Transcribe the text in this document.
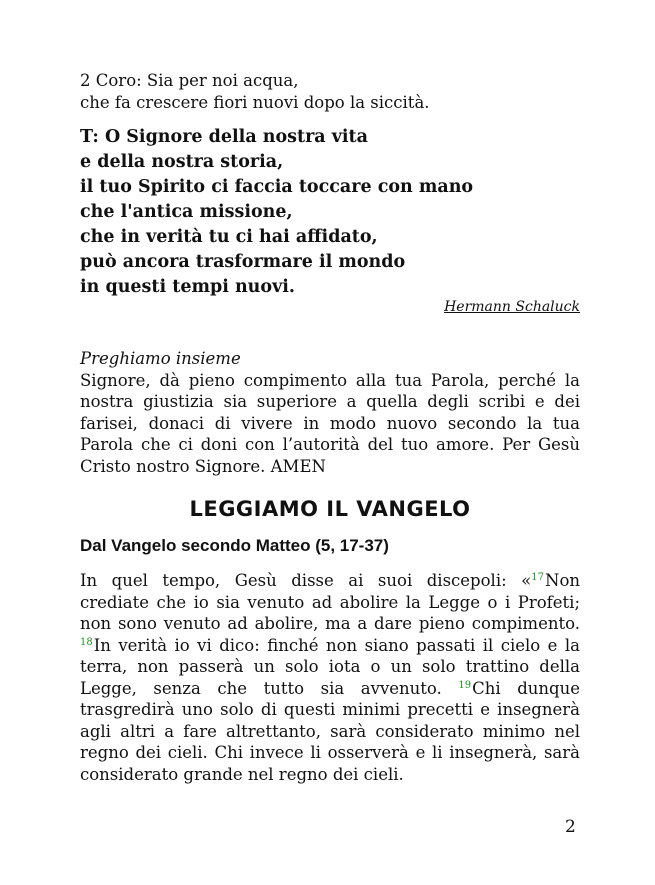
2 Coro: Sia per noi acqua,

che fa crescere fiori nuovi dopo la siccità.

T: O Signore della nostra vita
e della nostra storia,
il tuo Spirito ci faccia toccare con mano
che l'antica missione,
che in verità tu ci hai affidato,
può ancora trasformare il mondo
in questi tempi nuovi.

Hermann Schaluck

Preghiamo insieme

Signore, dà pieno compimento alla tua Parola, perché la nostra giustizia sia superiore a quella degli scribi e dei farisei, donaci di vivere in modo nuovo secondo la tua Parola che ci doni con l’autorità del tuo amore. Per Gesù Cristo nostro Signore. AMEN

LEGGIAMO IL VANGELO
Dal Vangelo secondo Matteo (5, 17-37)

In quel tempo, Gesù disse ai suoi discepoli: «$^{17}$Non crediate che io sia venuto ad abolire la Legge o i Profeti; non sono venuto ad abolire, ma a dare pieno compimento. $^{18}$In verità io vi dico: finché non siano passati il cielo e la terra, non passerà un solo iota o un solo trattino della Legge, senza che tutto sia avvenuto. $^{19}$Chi dunque trasgredirà uno solo di questi minimi precetti e insegnerà agli altri a fare altrettanto, sarà considerato minimo nel regno dei cieli. Chi invece li osserverà e li insegnerà, sarà considerato grande nel regno dei cieli.

2
